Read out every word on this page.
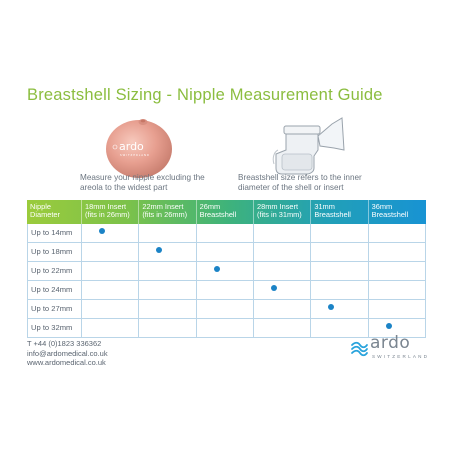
Breastshell Sizing - Nipple Measurement Guide
ardo
SWITZERLAND
Measure your nipple excluding the areola to the widest part
Breastshell size refers to the inner diameter of the shell or insert
Nipple Diameter
18mm Insert (fits in 26mm)
22mm Insert (fits in 26mm)
26mm Breastshell
28mm Insert (fits in 31mm)
31mm Breastshell
36mm Breastshell
Up to 14mm
Up to 18mm
Up to 22mm
Up to 24mm
Up to 27mm
Up to 32mm
T +44 (0)1823 336362
info@ardomedical.co.uk
www.ardomedical.co.uk
ardo
SWITZERLAND
